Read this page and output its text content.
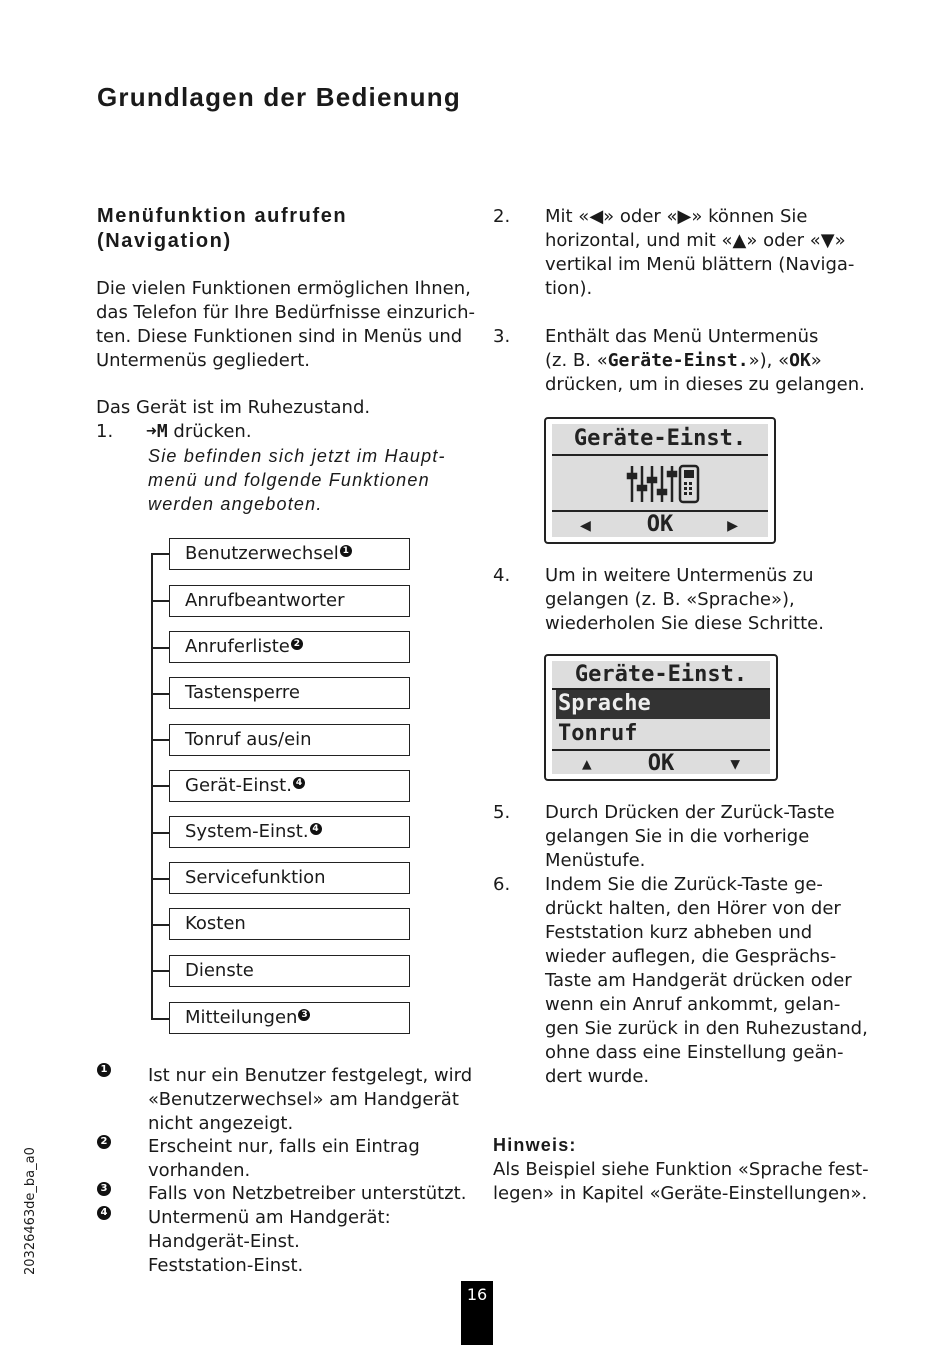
Grundlagen der Bedienung
Menüfunktion aufrufen
(Navigation)
Die vielen Funktionen ermöglichen Ihnen,
das Telefon für Ihre Bedürfnisse einzurich-
ten. Diese Funktionen sind in Menüs und
Untermenüs gegliedert.
Das Gerät ist im Ruhezustand.
1. ➜M drücken.
Sie befinden sich jetzt im Haupt-
menü und folgende Funktionen
werden angeboten.
Benutzerwechsel 1
Anrufbeantworter
Anruferliste 2
Tastensperre
Tonruf aus/ein
Gerät-Einst. 4
System-Einst. 4
Servicefunktion
Kosten
Dienste
Mitteilungen 3
1 Ist nur ein Benutzer festgelegt, wird
«Benutzerwechsel» am Handgerät
nicht angezeigt.
2 Erscheint nur, falls ein Eintrag
vorhanden.
3 Falls von Netzbetreiber unterstützt.
4 Untermenü am Handgerät:
Handgerät-Einst.
Feststation-Einst.
2. Mit «◀» oder «▶» können Sie
horizontal, und mit «▲» oder «▼»
vertikal im Menü blättern (Naviga-
tion).
3. Enthält das Menü Untermenüs
(z. B. «Geräte-Einst.»), «OK»
drücken, um in dieses zu gelangen.
Geräte-Einst.
◀	OK	▶
4. Um in weitere Untermenüs zu
gelangen (z. B. «Sprache»),
wiederholen Sie diese Schritte.
Geräte-Einst.
Sprache
Tonruf
▲	OK	▼
5. Durch Drücken der Zurück-Taste
gelangen Sie in die vorherige
Menüstufe.
6. Indem Sie die Zurück-Taste ge-
drückt halten, den Hörer von der
Feststation kurz abheben und
wieder auflegen, die Gesprächs-
Taste am Handgerät drücken oder
wenn ein Anruf ankommt, gelan-
gen Sie zurück in den Ruhezustand,
ohne dass eine Einstellung geän-
dert wurde.
Hinweis:
Als Beispiel siehe Funktion «Sprache fest-
legen» in Kapitel «Geräte-Einstellungen».
20326463de_ba_a0
16
